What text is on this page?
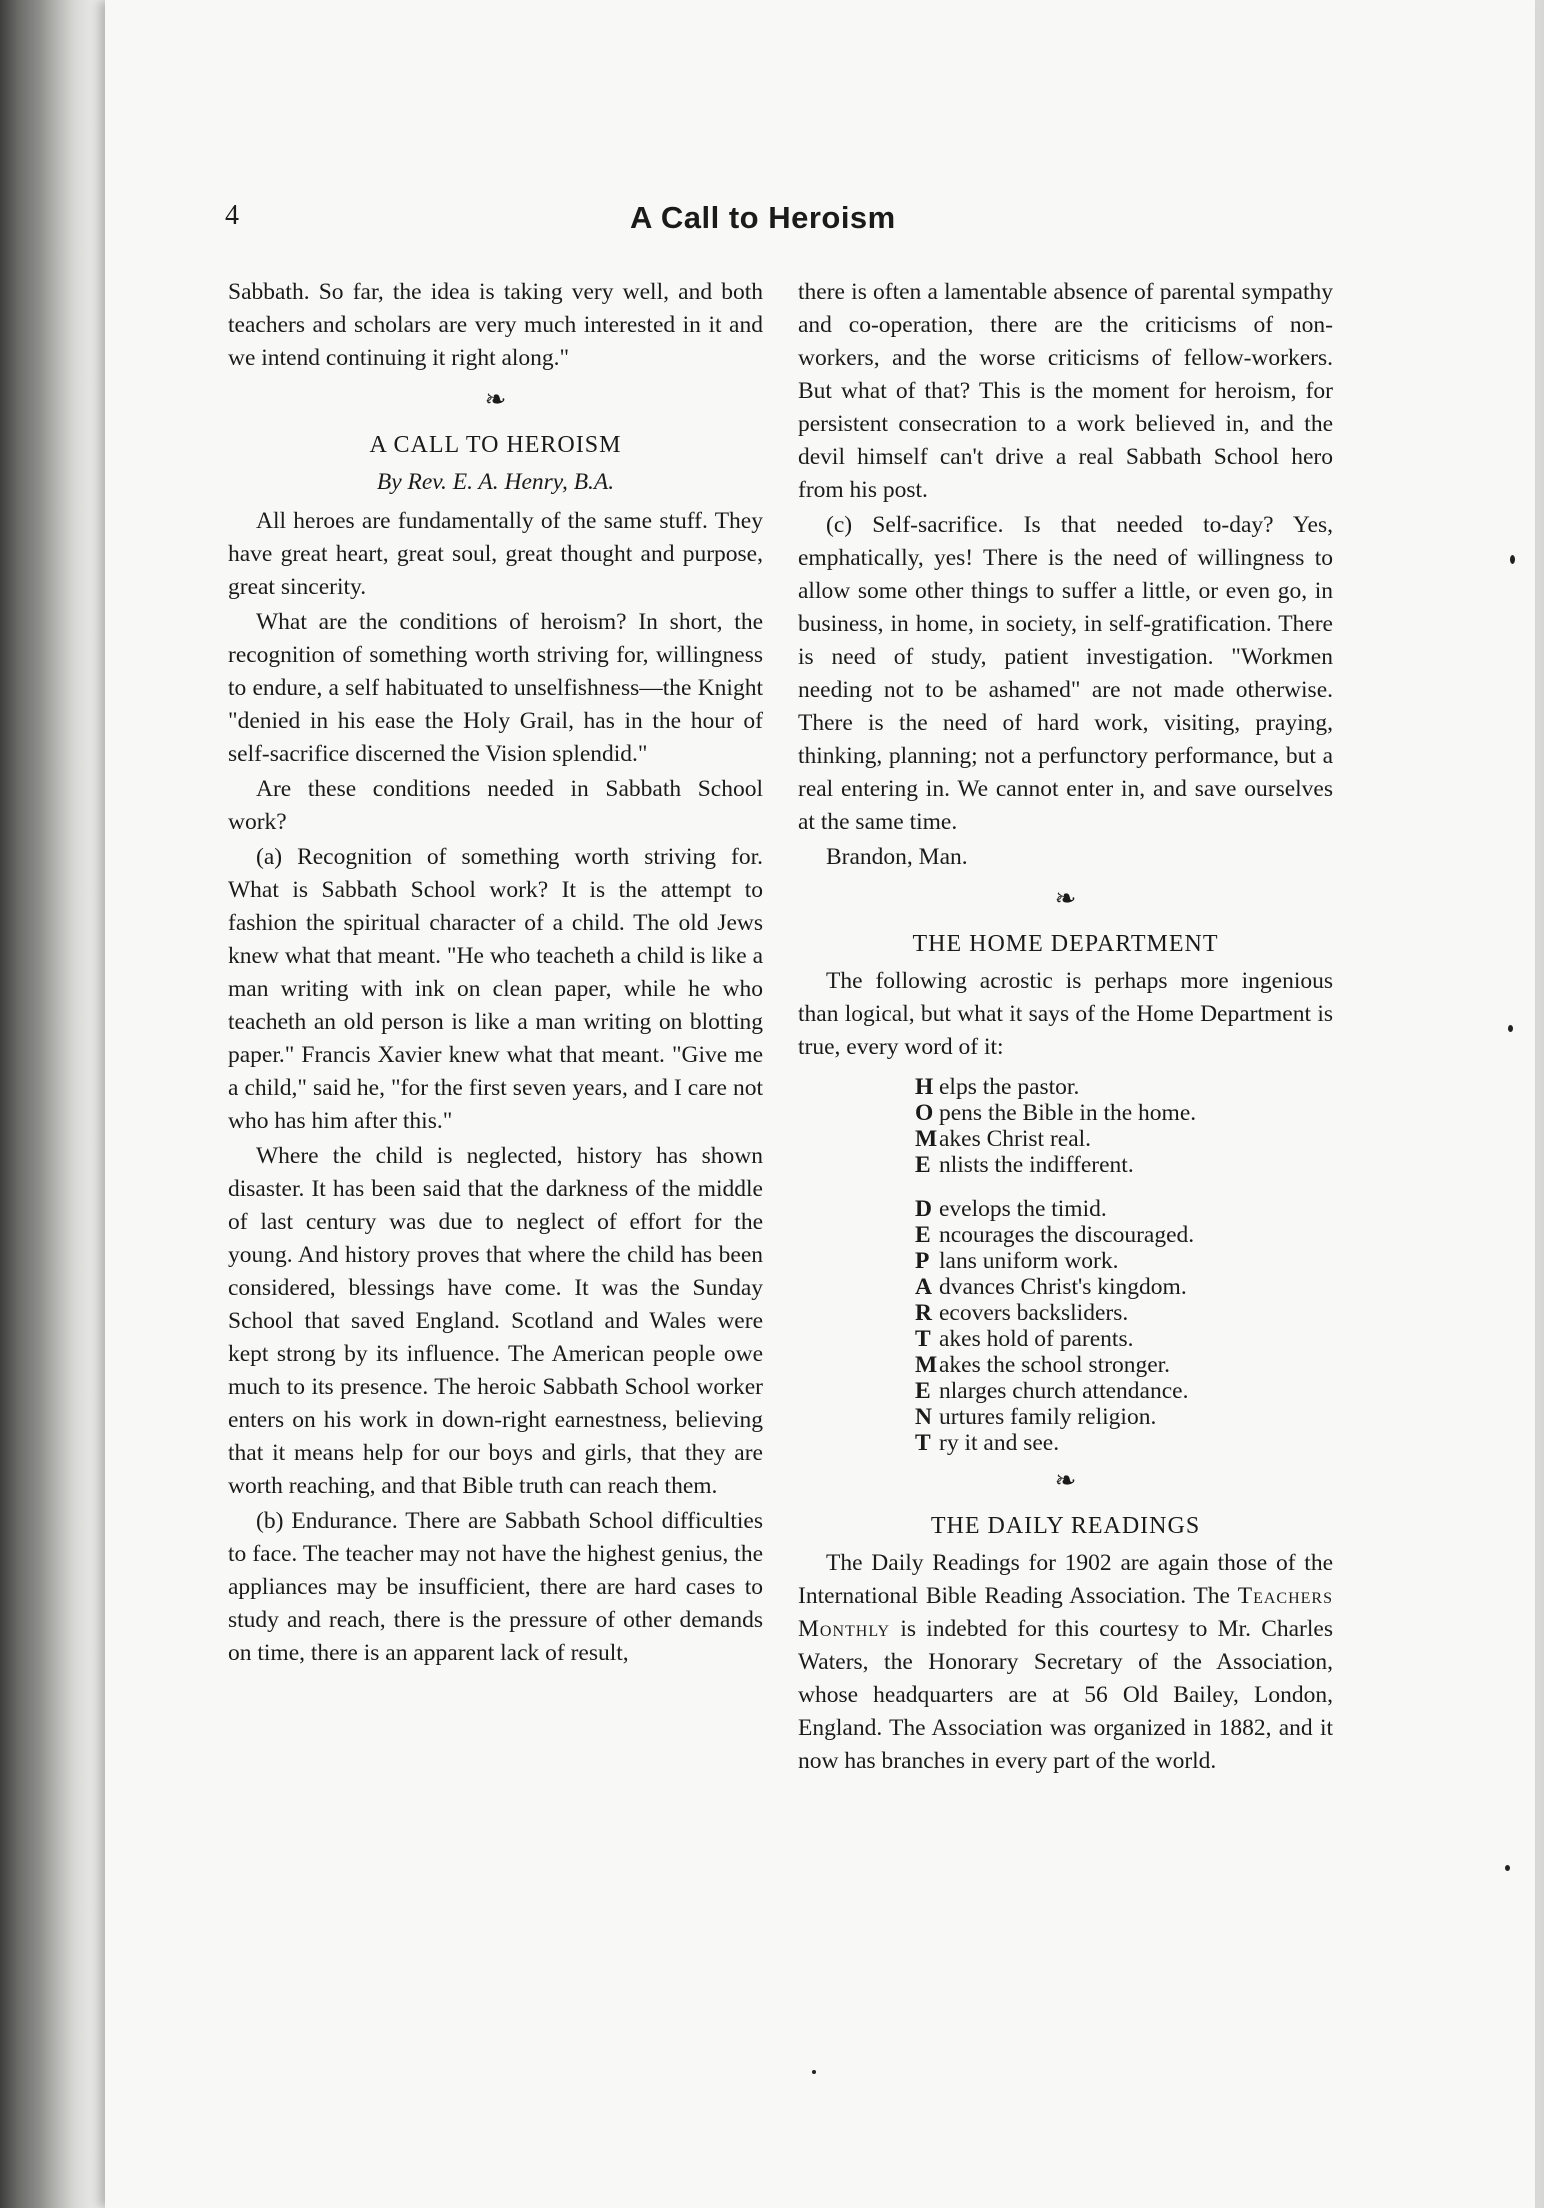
4	A Call to Heroism

Sabbath. So far, the idea is taking very well, and both teachers and scholars are very much interested in it and we intend continuing it right along."

❧

A CALL TO HEROISM

By Rev. E. A. Henry, B.A.

All heroes are fundamentally of the same stuff. They have great heart, great soul, great thought and purpose, great sincerity.

What are the conditions of heroism? In short, the recognition of something worth striving for, willingness to endure, a self habituated to unselfishness—the Knight "denied in his ease the Holy Grail, has in the hour of self-sacrifice discerned the Vision splendid."

Are these conditions needed in Sabbath School work?

(a) Recognition of something worth striving for. What is Sabbath School work? It is the attempt to fashion the spiritual character of a child. The old Jews knew what that meant. "He who teacheth a child is like a man writing with ink on clean paper, while he who teacheth an old person is like a man writing on blotting paper." Francis Xavier knew what that meant. "Give me a child," said he, "for the first seven years, and I care not who has him after this."

Where the child is neglected, history has shown disaster. It has been said that the darkness of the middle of last century was due to neglect of effort for the young. And history proves that where the child has been considered, blessings have come. It was the Sunday School that saved England. Scotland and Wales were kept strong by its influence. The American people owe much to its presence. The heroic Sabbath School worker enters on his work in down-right earnestness, believing that it means help for our boys and girls, that they are worth reaching, and that Bible truth can reach them.

(b) Endurance. There are Sabbath School difficulties to face. The teacher may not have the highest genius, the appliances may be insufficient, there are hard cases to study and reach, there is the pressure of other demands on time, there is an apparent lack of result,

there is often a lamentable absence of parental sympathy and co-operation, there are the criticisms of non-workers, and the worse criticisms of fellow-workers. But what of that? This is the moment for heroism, for persistent consecration to a work believed in, and the devil himself can't drive a real Sabbath School hero from his post.

(c) Self-sacrifice. Is that needed to-day? Yes, emphatically, yes! There is the need of willingness to allow some other things to suffer a little, or even go, in business, in home, in society, in self-gratification. There is need of study, patient investigation. "Workmen needing not to be ashamed" are not made otherwise. There is the need of hard work, visiting, praying, thinking, planning; not a perfunctory performance, but a real entering in. We cannot enter in, and save ourselves at the same time.

Brandon, Man.

❧

THE HOME DEPARTMENT

The following acrostic is perhaps more ingenious than logical, but what it says of the Home Department is true, every word of it:

H elps the pastor.
O pens the Bible in the home.
Makes Christ real.
E nlists the indifferent.
D evelops the timid.
E ncourages the discouraged.
P lans uniform work.
A dvances Christ's kingdom.
R ecovers backsliders.
T akes hold of parents.
Makes the school stronger.
E nlarges church attendance.
N urtures family religion.
T ry it and see.

❧

THE DAILY READINGS

The Daily Readings for 1902 are again those of the International Bible Reading Association. The Teachers Monthly is indebted for this courtesy to Mr. Charles Waters, the Honorary Secretary of the Association, whose headquarters are at 56 Old Bailey, London, England. The Association was organized in 1882, and it now has branches in every part of the world.
